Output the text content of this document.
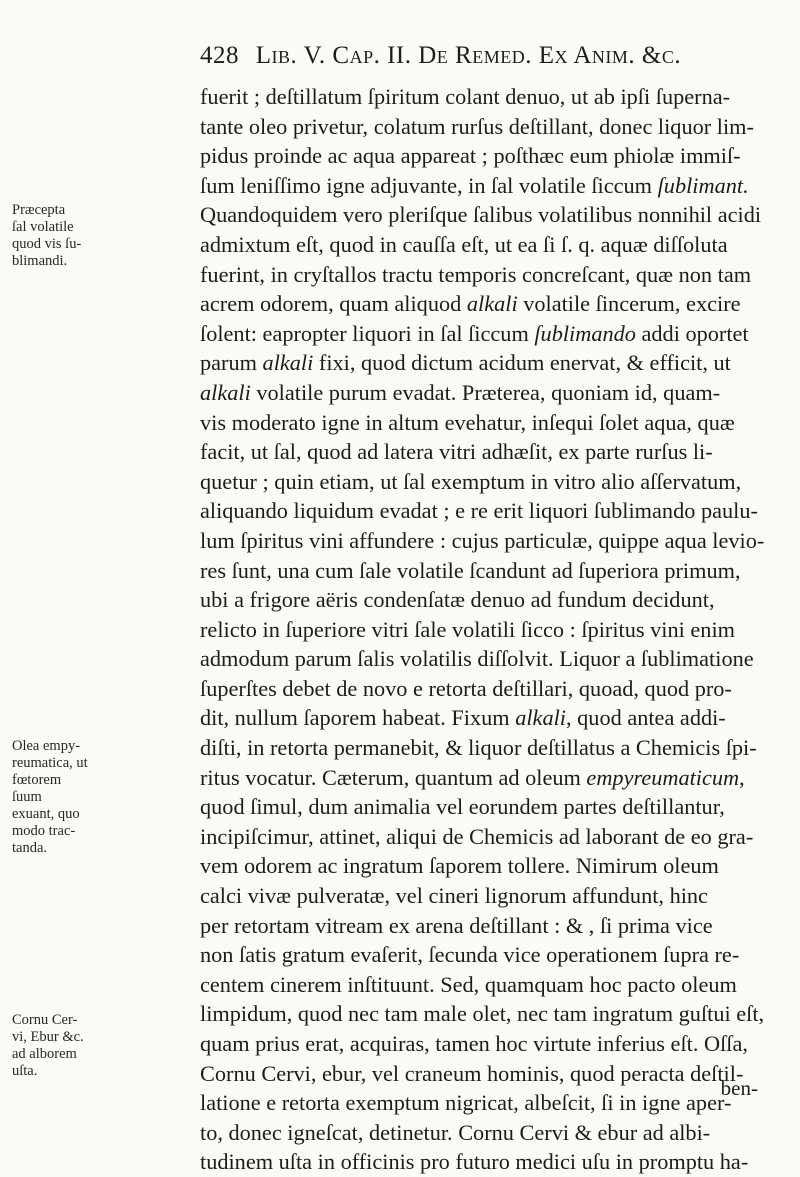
428 Lib. V. Cap. II. De Remed. Ex Anim. &c.
Præcepta
ſal volatile
quod vis ſu-
blimandi.
Olea empy-
reumatica, ut
fœtorem
ſuum
exuant, quo
modo trac-
tanda.
Cornu Cer-
vi, Ebur &c.
ad alborem
uſta.
fuerit ; deſtillatum ſpiritum colant denuo, ut ab ipſi ſuperna-
tante oleo privetur, colatum rurſus deſtillant, donec liquor lim-
pidus proinde ac aqua appareat ; poſthæc eum phiolæ immiſ-
ſum leniſſimo igne adjuvante, in ſal volatile ſiccum ſublimant.
Quandoquidem vero pleriſque ſalibus volatilibus nonnihil acidi
admixtum eſt, quod in cauſſa eſt, ut ea ſi ſ. q. aquæ diſſoluta
fuerint, in cryſtallos tractu temporis concreſcant, quæ non tam
acrem odorem, quam aliquod alkali volatile ſincerum, excire
ſolent: eapropter liquori in ſal ſiccum ſublimando addi oportet
parum alkali fixi, quod dictum acidum enervat, & efficit, ut
alkali volatile purum evadat. Præterea, quoniam id, quam-
vis moderato igne in altum evehatur, inſequi ſolet aqua, quæ
facit, ut ſal, quod ad latera vitri adhæſit, ex parte rurſus li-
quetur ; quin etiam, ut ſal exemptum in vitro alio aſſervatum,
aliquando liquidum evadat ; e re erit liquori ſublimando paulu-
lum ſpiritus vini affundere : cujus particulæ, quippe aqua levio-
res ſunt, una cum ſale volatile ſcandunt ad ſuperiora primum,
ubi a frigore aëris condenſatæ denuo ad fundum decidunt,
relicto in ſuperiore vitri ſale volatili ſicco : ſpiritus vini enim
admodum parum ſalis volatilis diſſolvit. Liquor a ſublimatione
ſuperſtes debet de novo e retorta deſtillari, quoad, quod pro-
dit, nullum ſaporem habeat. Fixum alkali, quod antea addi-
diſti, in retorta permanebit, & liquor deſtillatus a Chemicis ſpi-
ritus vocatur. Cæterum, quantum ad oleum empyreumaticum,
quod ſimul, dum animalia vel eorundem partes deſtillantur,
incipiſcimur, attinet, aliqui de Chemicis ad laborant de eo gra-
vem odorem ac ingratum ſaporem tollere. Nimirum oleum
calci vivæ pulveratæ, vel cineri lignorum affundunt, hinc
per retortam vitream ex arena deſtillant : & , ſi prima vice
non ſatis gratum evaſerit, ſecunda vice operationem ſupra re-
centem cinerem inſtituunt. Sed, quamquam hoc pacto oleum
limpidum, quod nec tam male olet, nec tam ingratum guſtui eſt,
quam prius erat, acquiras, tamen hoc virtute inferius eſt. Oſſa,
Cornu Cervi, ebur, vel craneum hominis, quod peracta deſtil-
latione e retorta exemptum nigricat, albeſcit, ſi in igne aper-
to, donec igneſcat, detinetur. Cornu Cervi & ebur ad albi-
tudinem uſta in officinis pro futuro medici uſu in promptu ha-
ben-
